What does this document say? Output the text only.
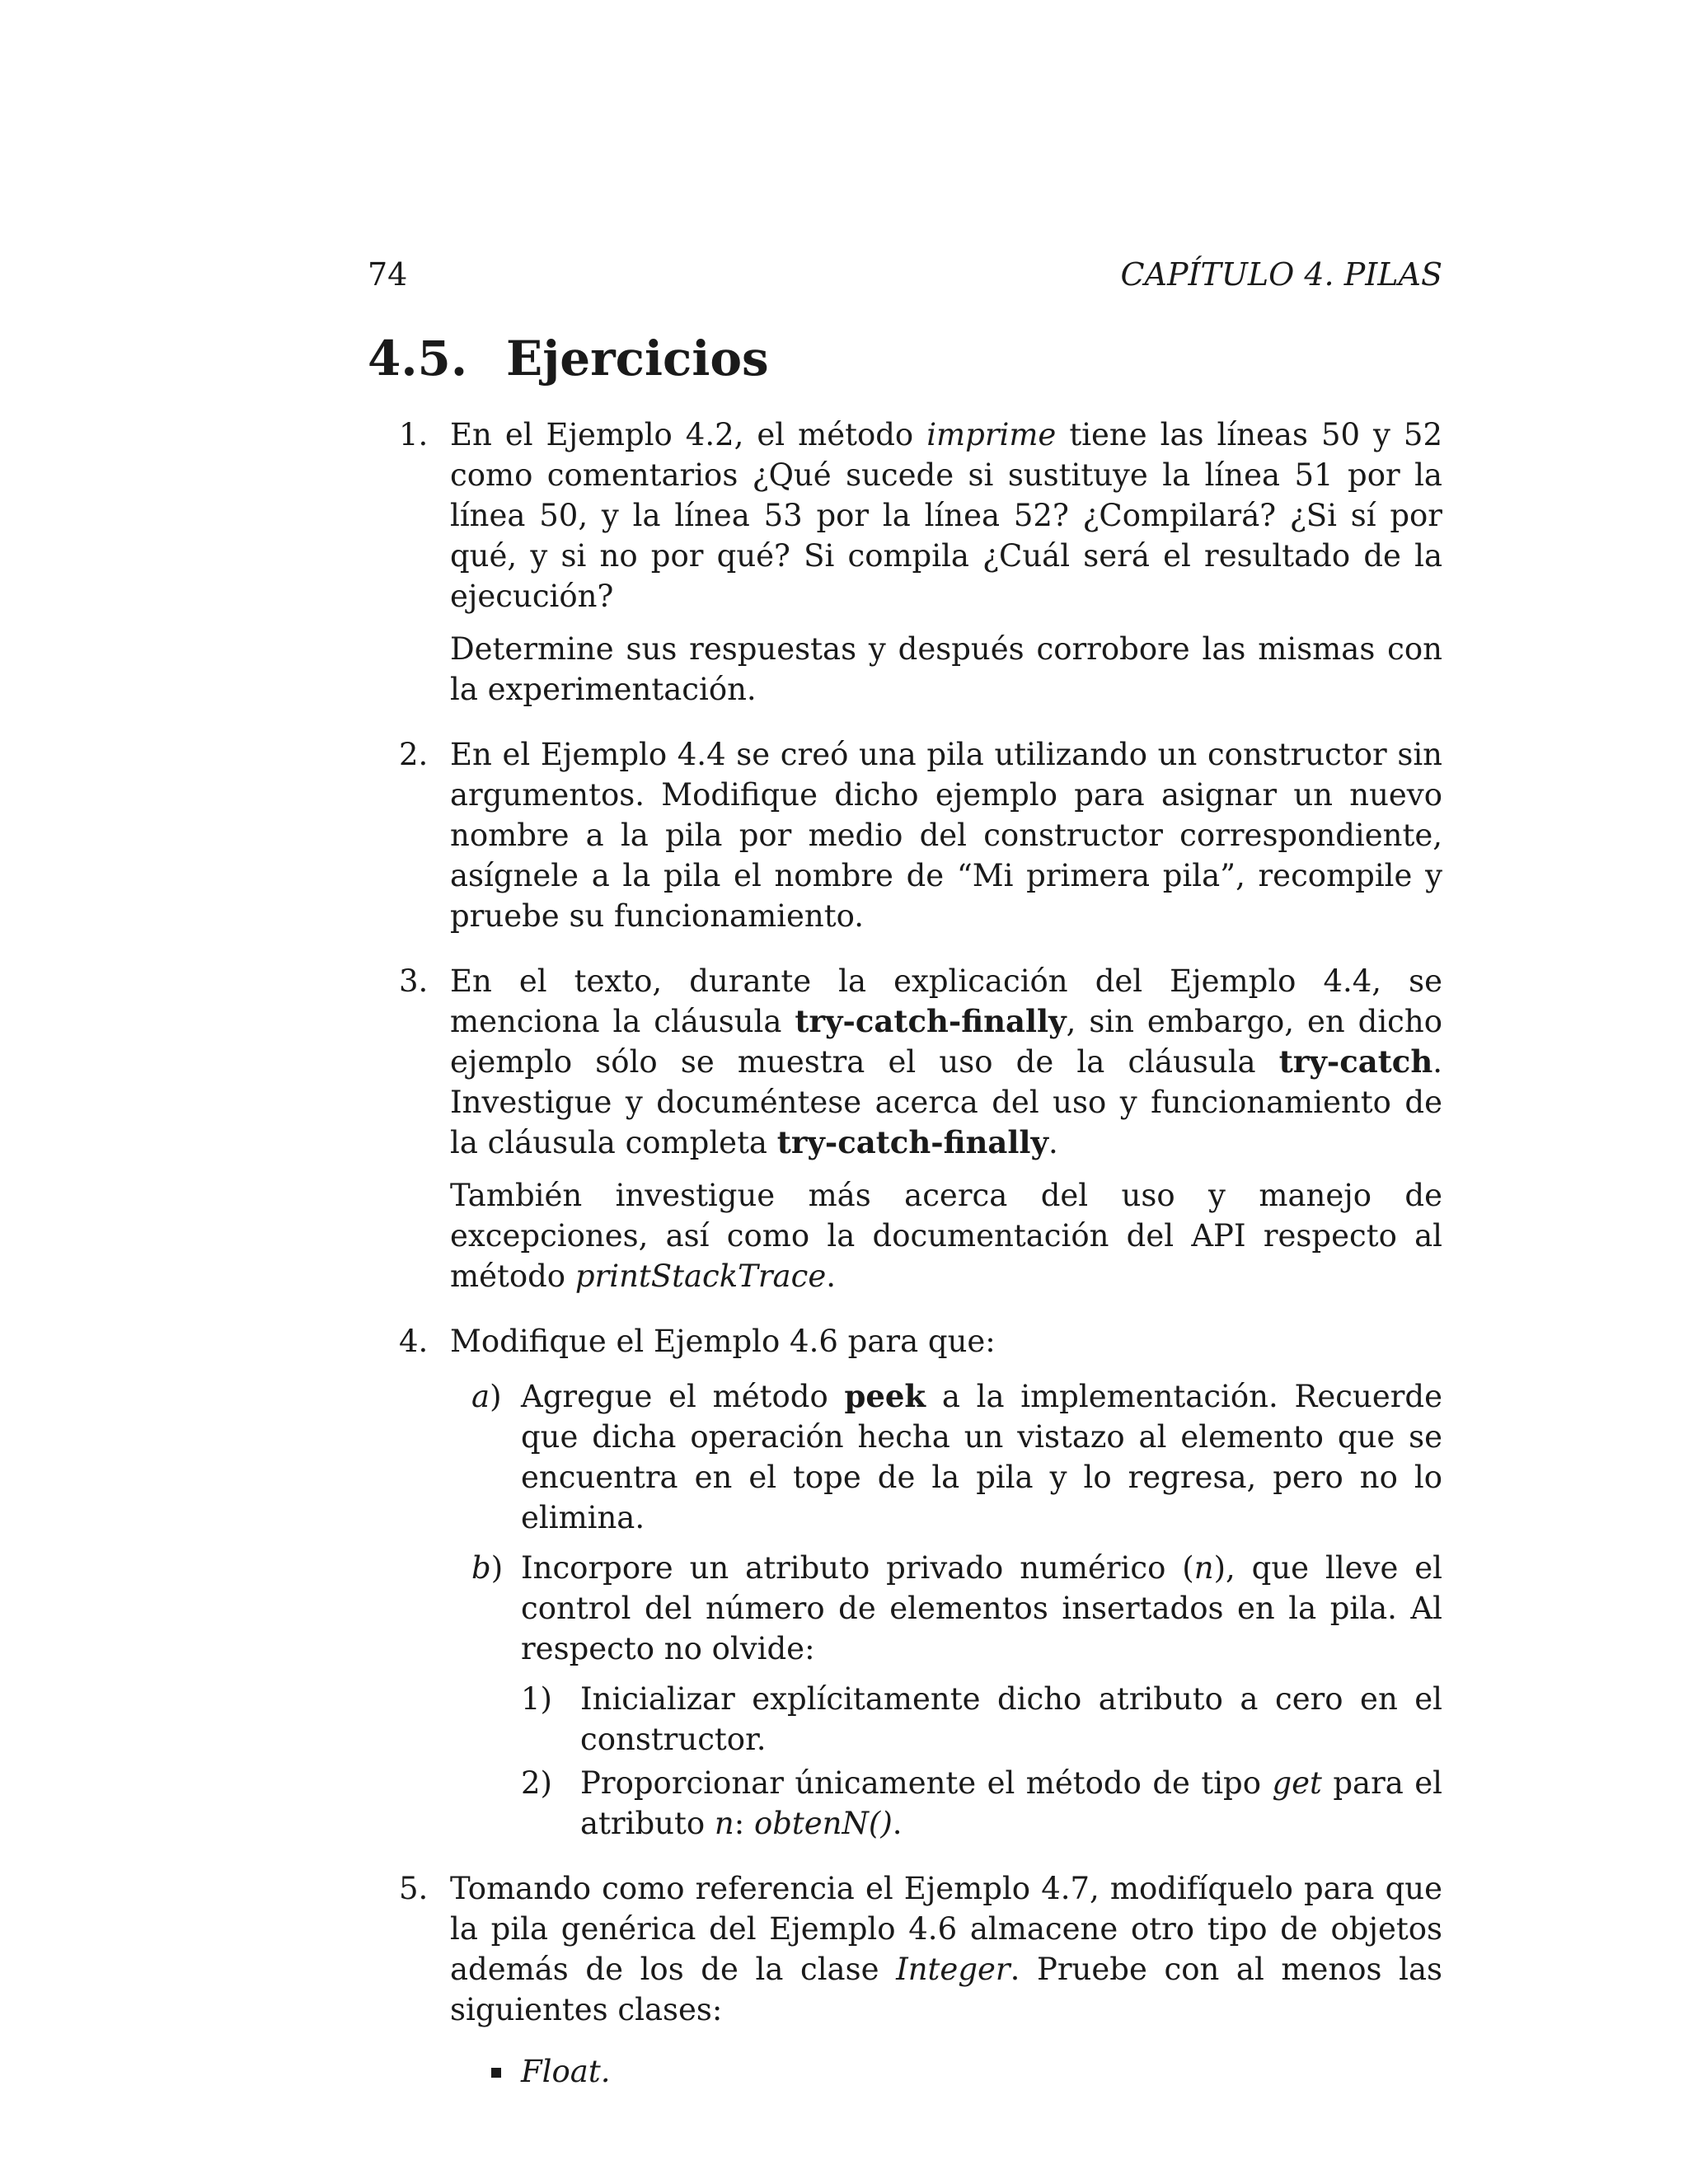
74	CAPÍTULO 4. PILAS
4.5. Ejercicios
1. En el Ejemplo 4.2, el método imprime tiene las líneas 50 y 52 como comentarios ¿Qué sucede si sustituye la línea 51 por la línea 50, y la línea 53 por la línea 52? ¿Compilará? ¿Si sí por qué, y si no por qué? Si compila ¿Cuál será el resultado de la ejecución?

Determine sus respuestas y después corrobore las mismas con la experimentación.

2. En el Ejemplo 4.4 se creó una pila utilizando un constructor sin argumentos. Modifique dicho ejemplo para asignar un nuevo nombre a la pila por medio del constructor correspondiente, asígnele a la pila el nombre de “Mi primera pila”, recompile y pruebe su funcionamiento.

3. En el texto, durante la explicación del Ejemplo 4.4, se menciona la cláusula try-catch-finally, sin embargo, en dicho ejemplo sólo se muestra el uso de la cláusula try-catch. Investigue y documéntese acerca del uso y funcionamiento de la cláusula completa try-catch-finally.

También investigue más acerca del uso y manejo de excepciones, así como la documentación del API respecto al método printStackTrace.

4. Modifique el Ejemplo 4.6 para que:

a) Agregue el método peek a la implementación. Recuerde que dicha operación hecha un vistazo al elemento que se encuentra en el tope de la pila y lo regresa, pero no lo elimina.
b) Incorpore un atributo privado numérico (n), que lleve el control del número de elementos insertados en la pila. Al respecto no olvide:
1) Inicializar explícitamente dicho atributo a cero en el constructor.
2) Proporcionar únicamente el método de tipo get para el atributo n: obtenN().
5. Tomando como referencia el Ejemplo 4.7, modifíquelo para que la pila genérica del Ejemplo 4.6 almacene otro tipo de objetos además de los de la clase Integer. Pruebe con al menos las siguientes clases:

Float.
